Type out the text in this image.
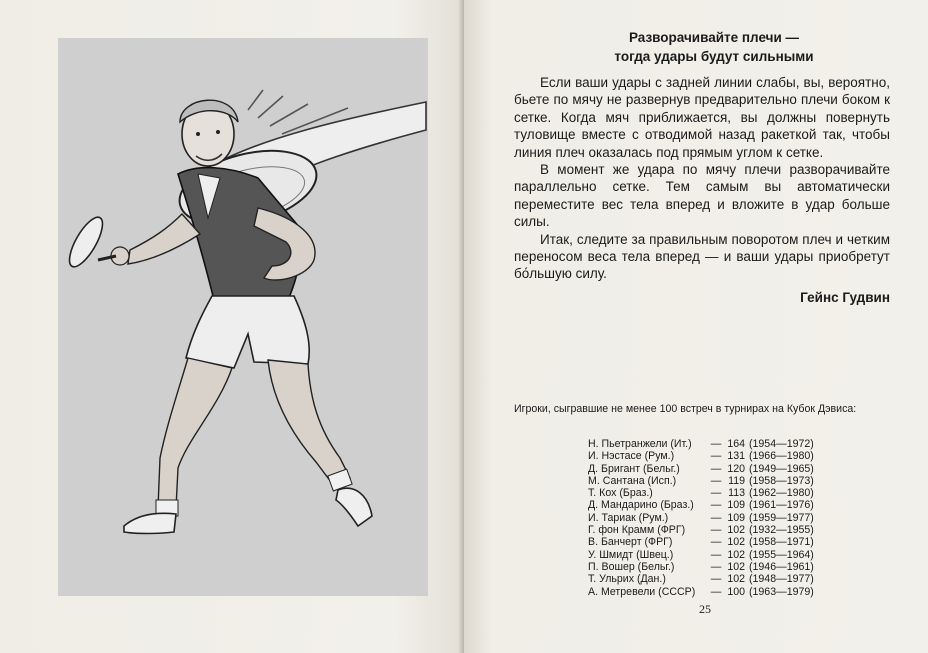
Разворачивайте плечи —
тогда удары будут сильными

Если ваши удары с задней линии слабы, вы, вероятно, бьете по мячу не развернув предварительно плечи боком к сетке. Когда мяч приближается, вы должны повернуть туловище вместе с отводимой назад ракеткой так, чтобы линия плеч оказалась под прямым углом к сетке.

В момент же удара по мячу плечи разворачивайте параллельно сетке. Тем самым вы автоматически переместите вес тела вперед и вложите в удар больше силы.

Итак, следите за правильным поворотом плеч и четким переносом веса тела вперед — и ваши удары приобретут бо́льшую силу.

Гейнс Гудвин
Игроки, сыгравшие не менее 100 встреч в турнирах на Кубок Дэвиса:
Н. Пьетранжели (Ит.)	—	164	(1954—1972)
И. Нэстасе (Рум.)	—	131	(1966—1980)
Д. Бригант (Бельг.)	—	120	(1949—1965)
М. Сантана (Исп.)	—	119	(1958—1973)
Т. Кох (Браз.)	—	113	(1962—1980)
Д. Мандарино (Браз.)	—	109	(1961—1976)
И. Тариак (Рум.)	—	109	(1959—1977)
Г. фон Крамм (ФРГ)	—	102	(1932—1955)
В. Банчерт (ФРГ)	—	102	(1958—1971)
У. Шмидт (Швец.)	—	102	(1955—1964)
П. Вошер (Бельг.)	—	102	(1946—1961)
Т. Ульрих (Дан.)	—	102	(1948—1977)
А. Метревели (СССР)	—	100	(1963—1979)
25
